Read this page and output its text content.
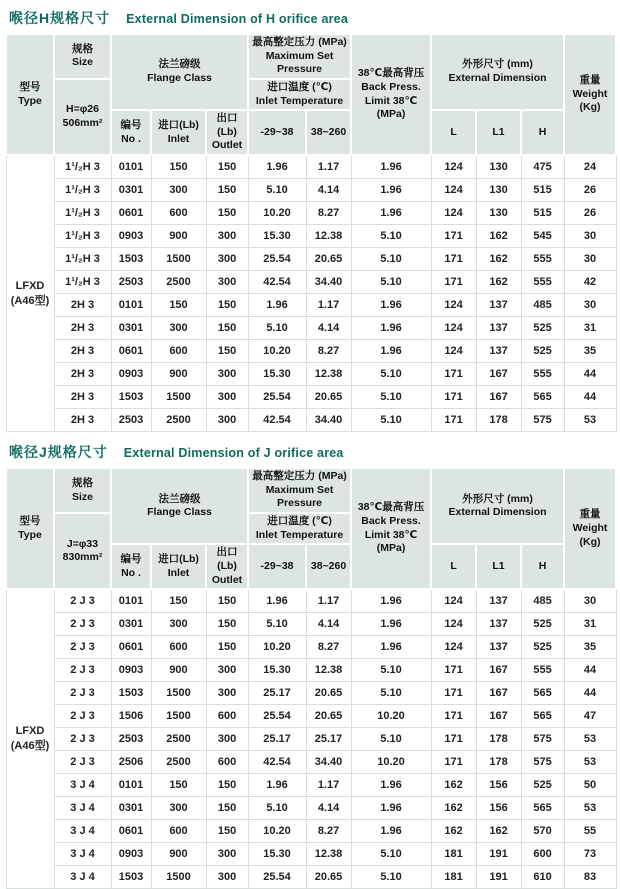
喉径H规格尺寸 External Dimension of H orifice area
型号
Type	规格
Size	法兰磅级
Flange Class			最高整定压力 (MPa)
Maximum Set Pressure		38℃最高背压
Back Press.
Limit 38℃
(MPa)	外形尺寸 (mm)
External Dimension			重量
Weight
(Kg)

	H=φ26
506mm²				进口温度 (℃)
Inlet Temperature						

		编号
No .	进口(Lb)
Inlet	出口(Lb)
Outlet	-29~38	38~260		L	L1	H	

LFXD
(A46型)	1¹/₂H 3	0101	150	150	1.96	1.17	1.96	124	130	475	24
	1¹/₂H 3	0301	300	150	5.10	4.14	1.96	124	130	515	26
	1¹/₂H 3	0601	600	150	10.20	8.27	1.96	124	130	515	26
	1¹/₂H 3	0903	900	300	15.30	12.38	5.10	171	162	545	30
	1¹/₂H 3	1503	1500	300	25.54	20.65	5.10	171	162	555	30
	1¹/₂H 3	2503	2500	300	42.54	34.40	5.10	171	162	555	42
	2H 3	0101	150	150	1.96	1.17	1.96	124	137	485	30
	2H 3	0301	300	150	5.10	4.14	1.96	124	137	525	31
	2H 3	0601	600	150	10.20	8.27	1.96	124	137	525	35
	2H 3	0903	900	300	15.30	12.38	5.10	171	167	555	44
	2H 3	1503	1500	300	25.54	20.65	5.10	171	167	565	44
	2H 3	2503	2500	300	42.54	34.40	5.10	171	178	575	53
喉径J规格尺寸 External Dimension of J orifice area
型号
Type	规格
Size	法兰磅级
Flange Class			最高整定压力 (MPa)
Maximum Set Pressure		38℃最高背压
Back Press.
Limit 38℃
(MPa)	外形尺寸 (mm)
External Dimension			重量
Weight
(Kg)

	J=φ33
830mm²				进口温度 (℃)
Inlet Temperature						

		编号
No .	进口(Lb)
Inlet	出口(Lb)
Outlet	-29~38	38~260		L	L1	H	

LFXD
(A46型)	2 J 3	0101	150	150	1.96	1.17	1.96	124	137	485	30
	2 J 3	0301	300	150	5.10	4.14	1.96	124	137	525	31
	2 J 3	0601	600	150	10.20	8.27	1.96	124	137	525	35
	2 J 3	0903	900	300	15.30	12.38	5.10	171	167	555	44
	2 J 3	1503	1500	300	25.17	20.65	5.10	171	167	565	44
	2 J 3	1506	1500	600	25.54	20.65	10.20	171	167	565	47
	2 J 3	2503	2500	300	25.17	25.17	5.10	171	178	575	53
	2 J 3	2506	2500	600	42.54	34.40	10.20	171	178	575	53
	3 J 4	0101	150	150	1.96	1.17	1.96	162	156	525	50
	3 J 4	0301	300	150	5.10	4.14	1.96	162	156	565	53
	3 J 4	0601	600	150	10.20	8.27	1.96	162	162	570	55
	3 J 4	0903	900	300	15.30	12.38	5.10	181	191	600	73
	3 J 4	1503	1500	300	25.54	20.65	5.10	181	191	610	83
